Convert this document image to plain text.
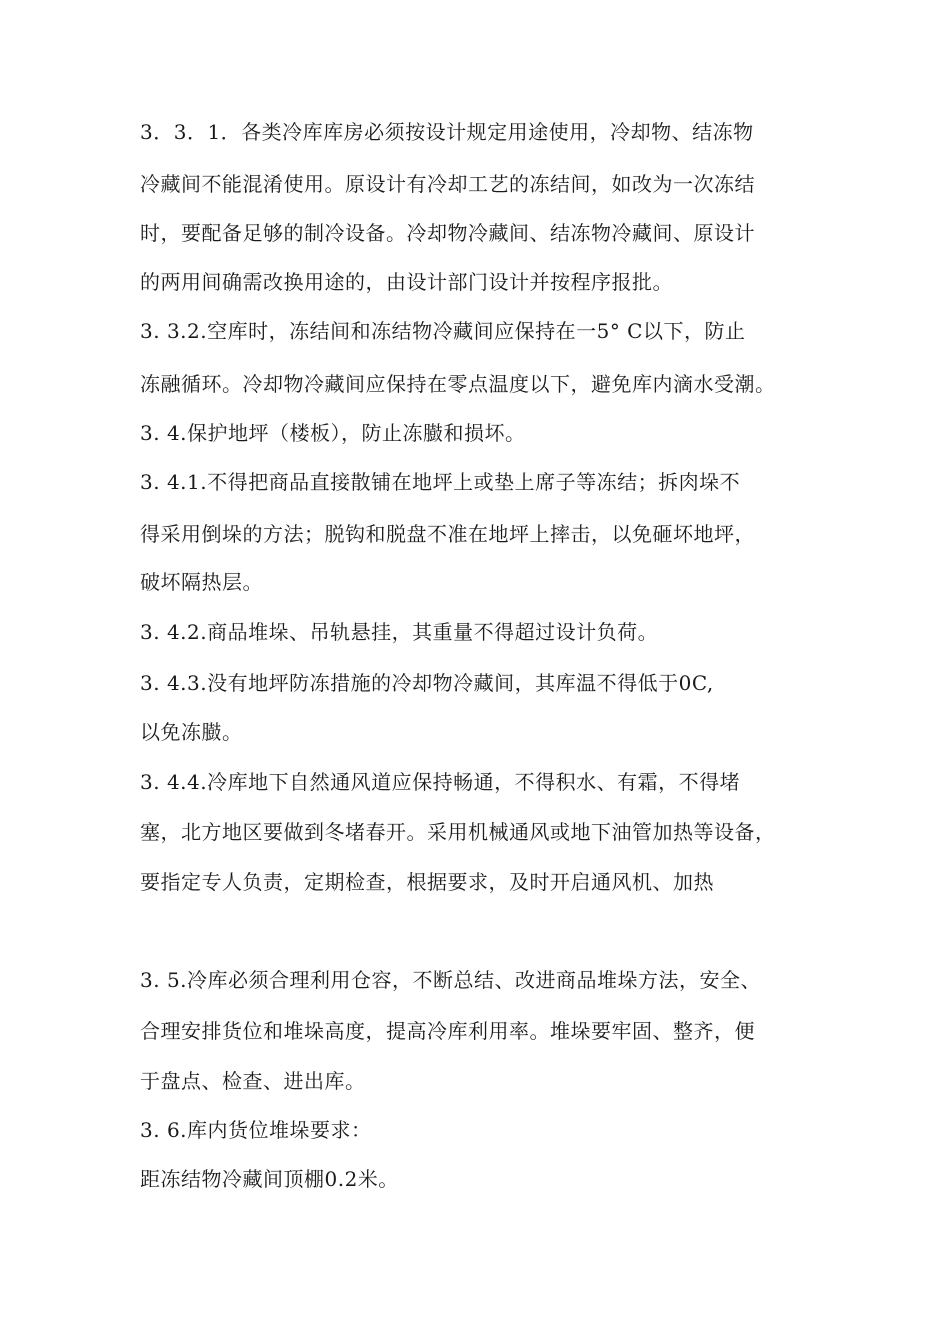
3．3．1．各类冷库库房必须按设计规定用途使用，冷却物、结冻物
冷藏间不能混淆使用。原设计有冷却工艺的冻结间，如改为一次冻结
时，要配备足够的制冷设备。冷却物冷藏间、结冻物冷藏间、原设计
的两用间确需改换用途的，由设计部门设计并按程序报批。
3. 3.2.空库时，冻结间和冻结物冷藏间应保持在一5° C以下，防止
冻融循环。冷却物冷藏间应保持在零点温度以下，避免库内滴水受潮。
3. 4.保护地坪（楼板），防止冻臌和损坏。
3. 4.1.不得把商品直接散铺在地坪上或垫上席子等冻结；拆肉垛不
得采用倒垛的方法；脱钩和脱盘不准在地坪上摔击，以免砸坏地坪，
破坏隔热层。
3. 4.2.商品堆垛、吊轨悬挂，其重量不得超过设计负荷。
3. 4.3.没有地坪防冻措施的冷却物冷藏间，其库温不得低于0C,
以免冻臌。
3. 4.4.冷库地下自然通风道应保持畅通，不得积水、有霜，不得堵
塞，北方地区要做到冬堵春开。采用机械通风或地下油管加热等设备，
要指定专人负责，定期检查，根据要求，及时开启通风机、加热
3. 5.冷库必须合理利用仓容，不断总结、改进商品堆垛方法，安全、
合理安排货位和堆垛高度，提高冷库利用率。堆垛要牢固、整齐，便
于盘点、检查、进出库。
3. 6.库内货位堆垛要求：
距冻结物冷藏间顶棚0.2米。
